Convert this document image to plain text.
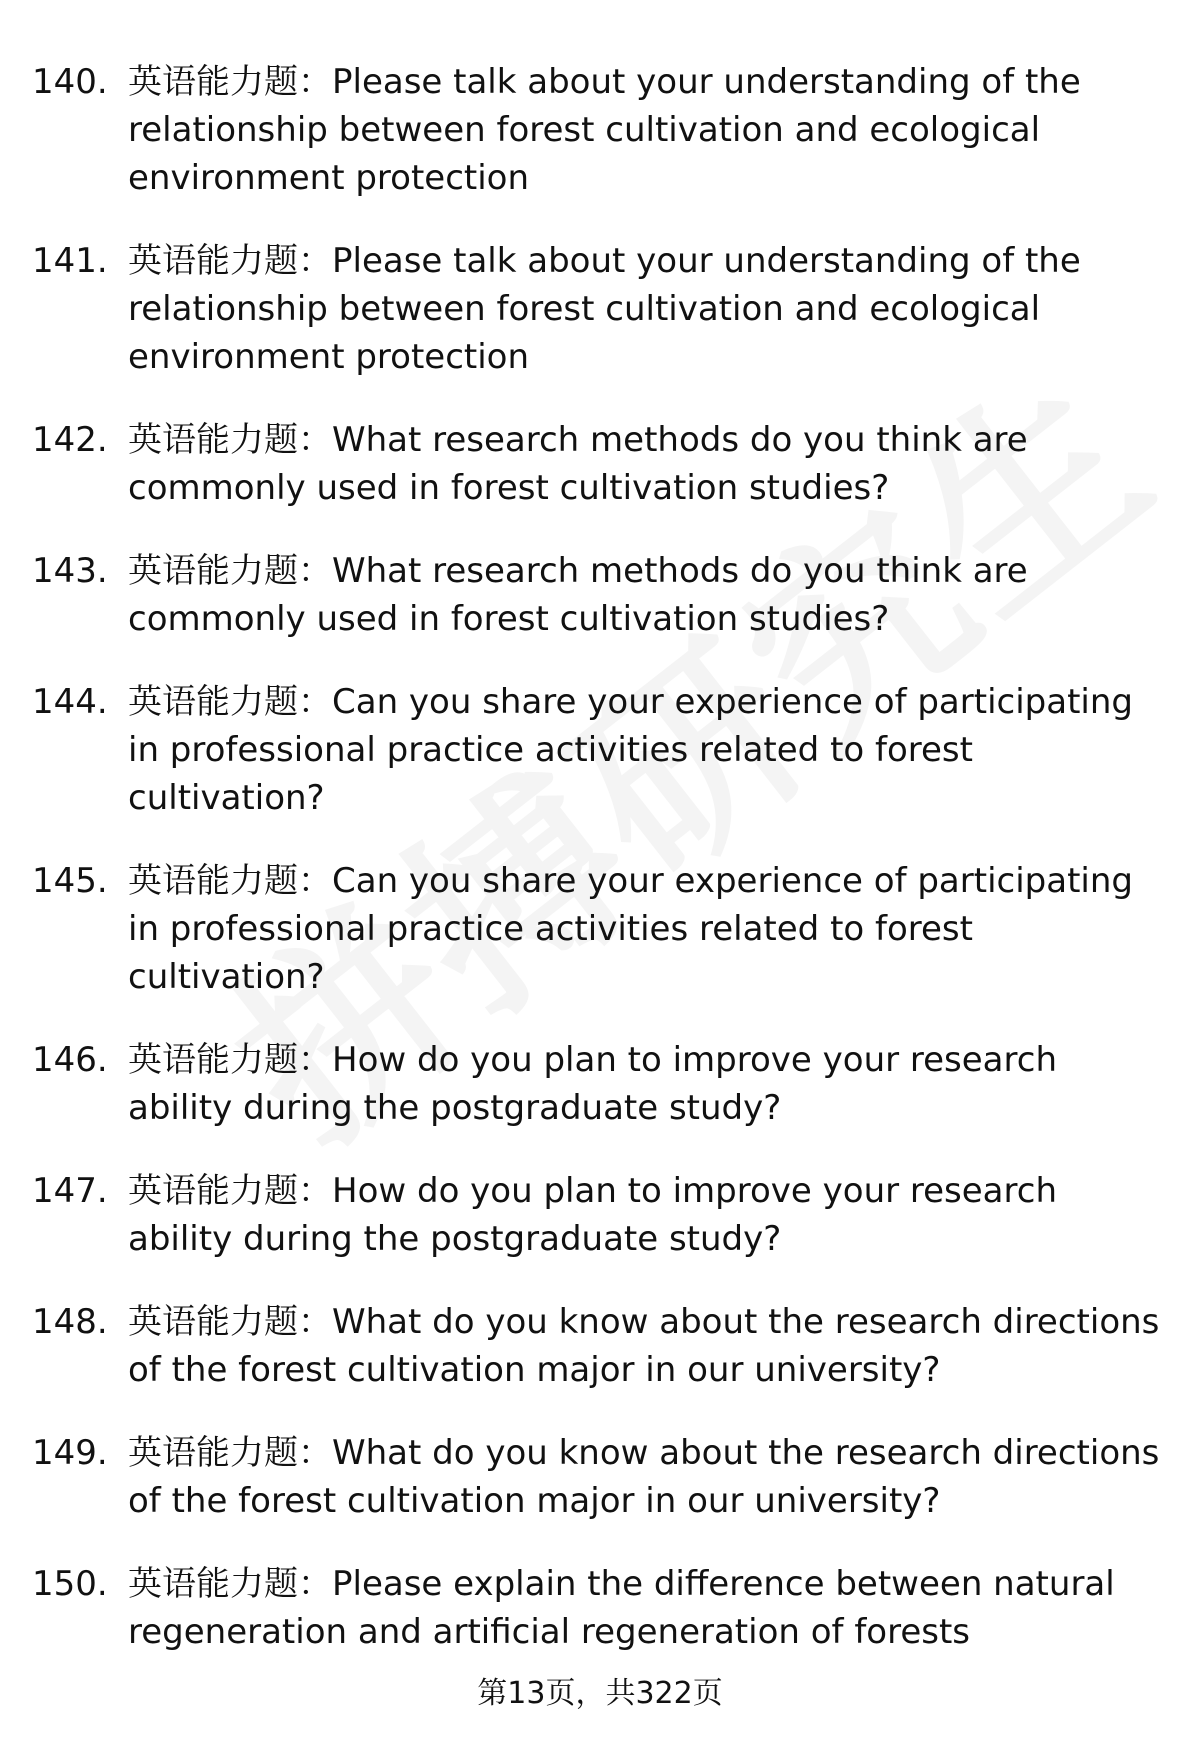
140. 英语能力题：Please talk about your understanding of the relationship between forest cultivation and ecological environment protection
141. 英语能力题：Please talk about your understanding of the relationship between forest cultivation and ecological environment protection
142. 英语能力题：What research methods do you think are commonly used in forest cultivation studies?
143. 英语能力题：What research methods do you think are commonly used in forest cultivation studies?
144. 英语能力题：Can you share your experience of participating in professional practice activities related to forest cultivation?
145. 英语能力题：Can you share your experience of participating in professional practice activities related to forest cultivation?
146. 英语能力题：How do you plan to improve your research ability during the postgraduate study?
147. 英语能力题：How do you plan to improve your research ability during the postgraduate study?
148. 英语能力题：What do you know about the research directions of the forest cultivation major in our university?
149. 英语能力题：What do you know about the research directions of the forest cultivation major in our university?
150. 英语能力题：Please explain the difference between natural regeneration and artificial regeneration of forests
第13页，共322页
